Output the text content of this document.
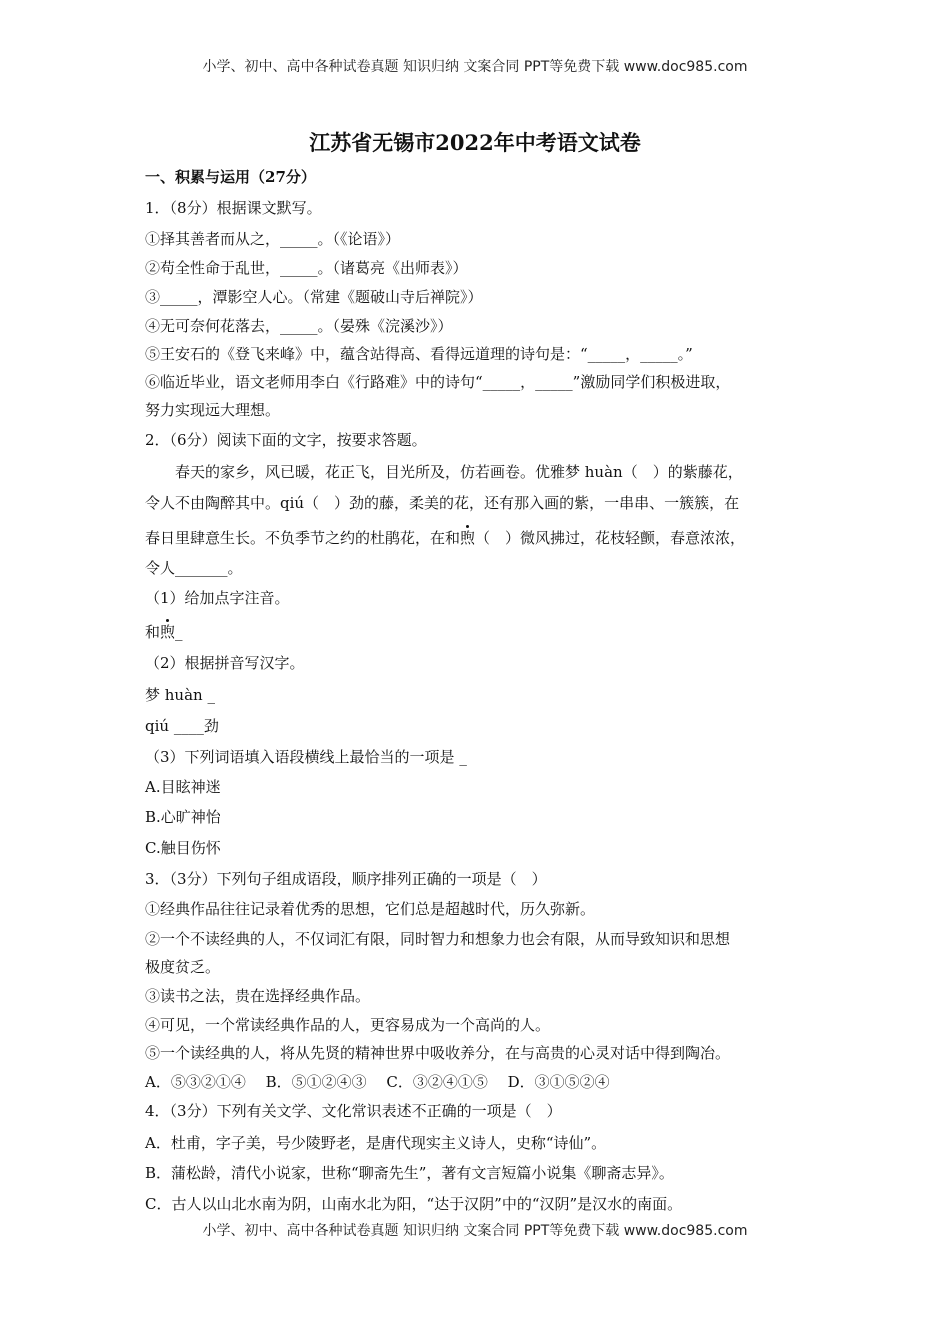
小学、初中、高中各种试卷真题 知识归纳 文案合同 PPT等免费下载 www.doc985.com
江苏省无锡市2022年中考语文试卷
一、积累与运用（27分）
1．（8分）根据课文默写。
①择其善者而从之，_____。（《论语》）
②苟全性命于乱世，_____。（诸葛亮《出师表》）
③_____，潭影空人心。（常建《题破山寺后禅院》）
④无可奈何花落去，_____。（晏殊《浣溪沙》）
⑤王安石的《登飞来峰》中，蕴含站得高、看得远道理的诗句是：“_____，_____。”
⑥临近毕业，语文老师用李白《行路难》中的诗句“_____，_____”激励同学们积极进取，
努力实现远大理想。
2．（6分）阅读下面的文字，按要求答题。
春天的家乡，风已暖，花正飞，目光所及，仿若画卷。优雅梦 huàn（　）的紫藤花，
令人不由陶醉其中。qiú（　）劲的藤，柔美的花，还有那入画的紫，一串串、一簇簇，在
春日里肆意生长。不负季节之约的杜鹃花，在和煦（　）微风拂过，花枝轻颤，春意浓浓，
令人_______。
（1）给加点字注音。
和煦_
（2）根据拼音写汉字。
梦 huàn _
qiú ____劲
（3）下列词语填入语段横线上最恰当的一项是 _
A.目眩神迷
B.心旷神怡
C.触目伤怀
3．（3分）下列句子组成语段，顺序排列正确的一项是（　）
①经典作品往往记录着优秀的思想，它们总是超越时代，历久弥新。
②一个不读经典的人，不仅词汇有限，同时智力和想象力也会有限，从而导致知识和思想
极度贫乏。
③读书之法，贵在选择经典作品。
④可见，一个常读经典作品的人，更容易成为一个高尚的人。
⑤一个读经典的人，将从先贤的精神世界中吸收养分，在与高贵的心灵对话中得到陶冶。
A．⑤③②①④　 B．⑤①②④③　 C．③②④①⑤　 D．③①⑤②④
4．（3分）下列有关文学、文化常识表述不正确的一项是（　）
A．杜甫，字子美，号少陵野老，是唐代现实主义诗人，史称“诗仙”。
B．蒲松龄，清代小说家，世称“聊斋先生”，著有文言短篇小说集《聊斋志异》。
C．古人以山北水南为阴，山南水北为阳，“达于汉阴”中的“汉阴”是汉水的南面。
小学、初中、高中各种试卷真题 知识归纳 文案合同 PPT等免费下载 www.doc985.com
